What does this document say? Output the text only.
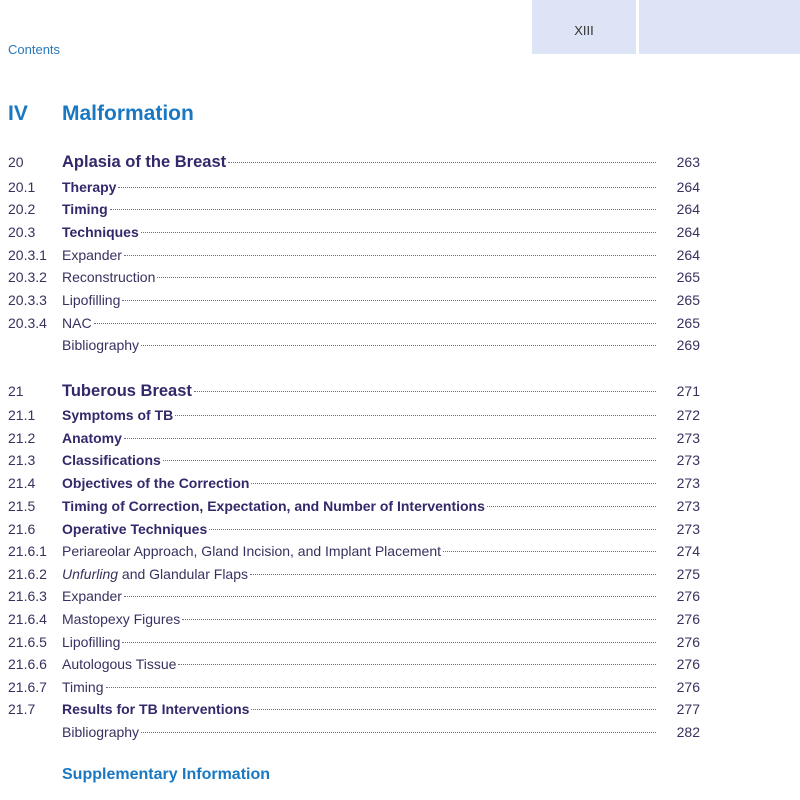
XIII
Contents
IV Malformation
20 Aplasia of the Breast	263
20.1 Therapy	264
20.2 Timing	264
20.3 Techniques	264
20.3.1 Expander	264
20.3.2 Reconstruction	265
20.3.3 Lipofilling	265
20.3.4 NAC	265
Bibliography	269
21 Tuberous Breast	271
21.1 Symptoms of TB	272
21.2 Anatomy	273
21.3 Classifications	273
21.4 Objectives of the Correction	273
21.5 Timing of Correction, Expectation, and Number of Interventions	273
21.6 Operative Techniques	273
21.6.1 Periareolar Approach, Gland Incision, and Implant Placement	274
21.6.2 Unfurling and Glandular Flaps	275
21.6.3 Expander	276
21.6.4 Mastopexy Figures	276
21.6.5 Lipofilling	276
21.6.6 Autologous Tissue	276
21.6.7 Timing	276
21.7 Results for TB Interventions	277
Bibliography	282
Supplementary Information
